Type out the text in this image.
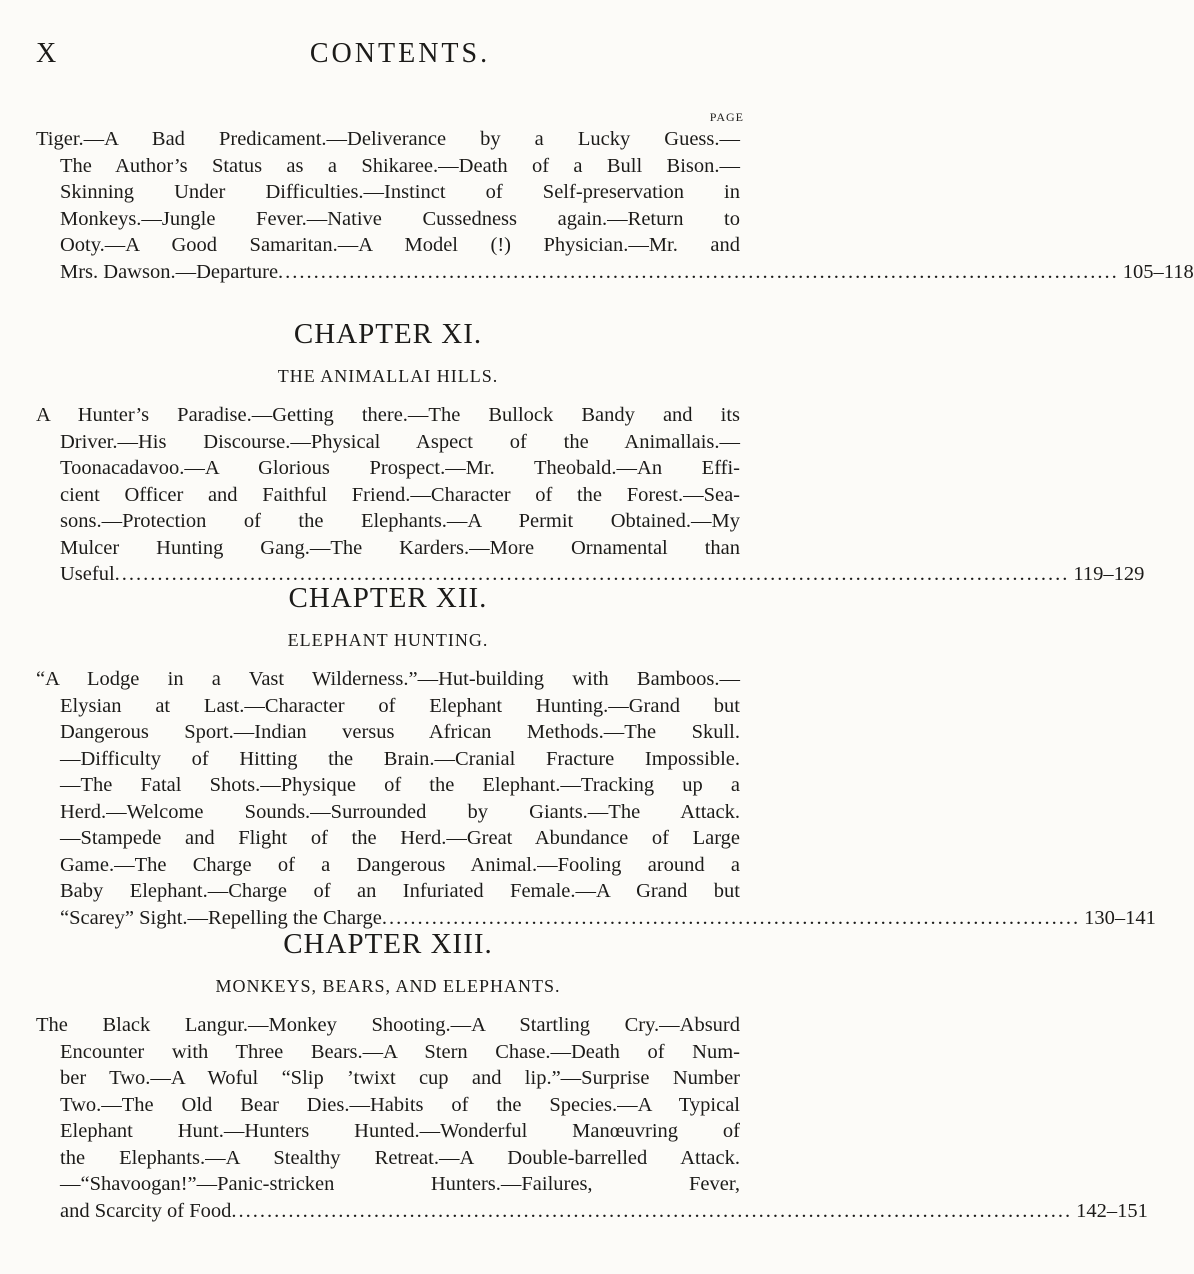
X	CONTENTS.
PAGE
Tiger.—A Bad Predicament.—Deliverance by a Lucky Guess.—
The Author’s Status as a Shikaree.—Death of a Bull Bison.—
Skinning Under Difficulties.—Instinct of Self-preservation in
Monkeys.—Jungle Fever.—Native Cussedness again.—Return to
Ooty.—A Good Samaritan.—A Model (!) Physician.—Mr. and
Mrs. Dawson.—Departure ...................................................................................................................... 105–118
CHAPTER XI.
THE ANIMALLAI HILLS.
A Hunter’s Paradise.—Getting there.—The Bullock Bandy and its
Driver.—His Discourse.—Physical Aspect of the Animallais.—
Toonacadavoo.—A Glorious Prospect.—Mr. Theobald.—An Effi-
cient Officer and Faithful Friend.—Character of the Forest.—Sea-
sons.—Protection of the Elephants.—A Permit Obtained.—My
Mulcer Hunting Gang.—The Karders.—More Ornamental than
Useful ...................................................................................................................................... 119–129
CHAPTER XII.
ELEPHANT HUNTING.
“A Lodge in a Vast Wilderness.”—Hut-building with Bamboos.—
Elysian at Last.—Character of Elephant Hunting.—Grand but
Dangerous Sport.—Indian versus African Methods.—The Skull.
—Difficulty of Hitting the Brain.—Cranial Fracture Impossible.
—The Fatal Shots.—Physique of the Elephant.—Tracking up a
Herd.—Welcome Sounds.—Surrounded by Giants.—The Attack.
—Stampede and Flight of the Herd.—Great Abundance of Large
Game.—The Charge of a Dangerous Animal.—Fooling around a
Baby Elephant.—Charge of an Infuriated Female.—A Grand but
“Scarey” Sight.—Repelling the Charge .................................................................................................. 130–141
CHAPTER XIII.
MONKEYS, BEARS, AND ELEPHANTS.
The Black Langur.—Monkey Shooting.—A Startling Cry.—Absurd
Encounter with Three Bears.—A Stern Chase.—Death of Num-
ber Two.—A Woful “Slip ’twixt cup and lip.”—Surprise Number
Two.—The Old Bear Dies.—Habits of the Species.—A Typical
Elephant Hunt.—Hunters Hunted.—Wonderful Manœuvring of
the Elephants.—A Stealthy Retreat.—A Double-barrelled Attack.
—“Shavoogan!”—Panic-stricken Hunters.—Failures, Fever,
and Scarcity of Food ...................................................................................................................... 142–151
